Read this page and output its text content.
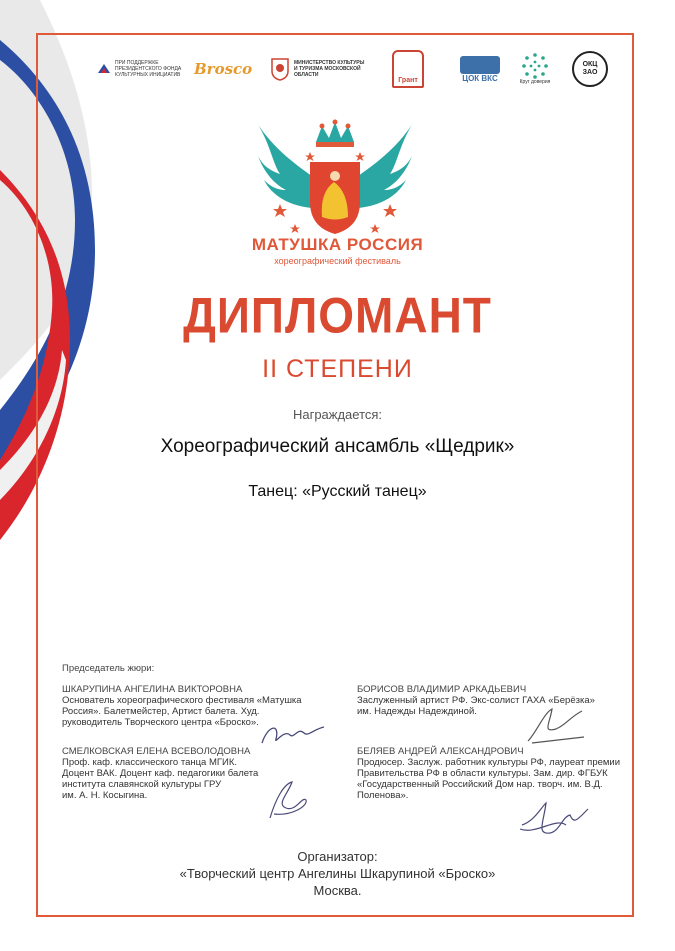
ПРИ ПОДДЕРЖКЕ ПРЕЗИДЕНТСКОГО ФОНДА КУЛЬТУРНЫХ ИНИЦИАТИВ Brosco	МИНИСТЕРСТВО КУЛЬТУРЫ И ТУРИЗМА МОСКОВСКОЙ ОБЛАСТИ
Грант	ЦОК ВКС	Круг доверия
ОКЦ ЗАО
МАТУШКА РОССИЯ
хореографический фестиваль
ДИПЛОМАНТ
II СТЕПЕНИ
Награждается:
Хореографический ансамбль «Щедрик»
Танец: «Русский танец»
Председатель жюри:
ШКАРУПИНА АНГЕЛИНА ВИКТОРОВНА
Основатель хореографического фестиваля «Матушка
Россия». Балетмейстер, Артист балета. Худ.
руководитель Творческого центра «Броско».
БОРИСОВ ВЛАДИМИР АРКАДЬЕВИЧ
Заслуженный артист РФ. Экс-солист ГАХА «Берёзка»
им. Надежды Надеждиной.
СМЕЛКОВСКАЯ ЕЛЕНА ВСЕВОЛОДОВНА
Проф. каф. классического танца МГИК.
Доцент ВАК. Доцент каф. педагогики балета
института славянской культуры ГРУ
им. А. Н. Косыгина.
БЕЛЯЕВ АНДРЕЙ АЛЕКСАНДРОВИЧ
Продюсер. Заслуж. работник культуры РФ, лауреат премии
Правительства РФ в области культуры. Зам. дир. ФГБУК
«Государственный Российский Дом нар. творч. им. В.Д.
Поленова».
Организатор:
«Творческий центр Ангелины Шкарупиной «Броско»
Москва.
